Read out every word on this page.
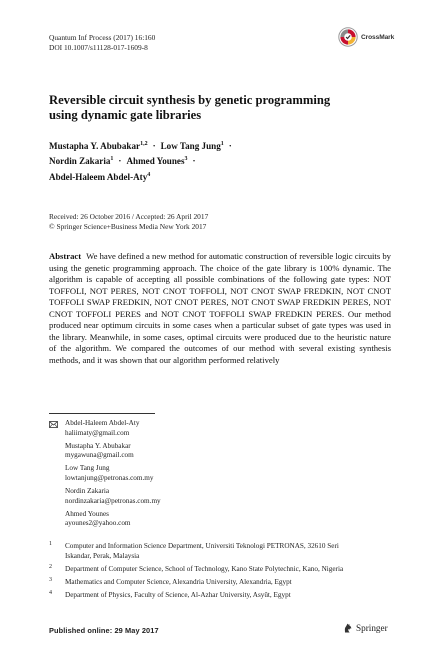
Quantum Inf Process (2017) 16:160
DOI 10.1007/s11128-017-1609-8
CrossMark
Reversible circuit synthesis by genetic programming
using dynamic gate libraries
Mustapha Y. Abubakar$^{1,2}$ · Low Tang Jung$^1$ ·
Nordin Zakaria$^1$ · Ahmed Younes$^3$ ·
Abdel-Haleem Abdel-Aty$^4$
Received: 26 October 2016 / Accepted: 26 April 2017
© Springer Science+Business Media New York 2017
Abstract We have defined a new method for automatic construction of reversible logic circuits by using the genetic programming approach. The choice of the gate library is 100% dynamic. The algorithm is capable of accepting all possible combinations of the following gate types: NOT TOFFOLI, NOT PERES, NOT CNOT TOFFOLI, NOT CNOT SWAP FREDKIN, NOT CNOT TOFFOLI SWAP FREDKIN, NOT CNOT PERES, NOT CNOT SWAP FREDKIN PERES, NOT CNOT TOFFOLI PERES and NOT CNOT TOFFOLI SWAP FREDKIN PERES. Our method produced near optimum circuits in some cases when a particular subset of gate types was used in the library. Meanwhile, in some cases, optimal circuits were produced due to the heuristic nature of the algorithm. We compared the outcomes of our method with several existing synthesis methods, and it was shown that our algorithm performed relatively
Abdel-Haleem Abdel-Aty
haliimaty@gmail.com
Mustapha Y. Abubakar
mygawuna@gmail.com
Low Tang Jung
lowtanjung@petronas.com.my
Nordin Zakaria
nordinzakaria@petronas.com.my
Ahmed Younes
ayounes2@yahoo.com
1 Computer and Information Science Department, Universiti Teknologi PETRONAS, 32610 Seri Iskandar, Perak, Malaysia
2 Department of Computer Science, School of Technology, Kano State Polytechnic, Kano, Nigeria
3 Mathematics and Computer Science, Alexandria University, Alexandria, Egypt
4 Department of Physics, Faculty of Science, Al-Azhar University, Asyût, Egypt
Published online: 29 May 2017	Springer
